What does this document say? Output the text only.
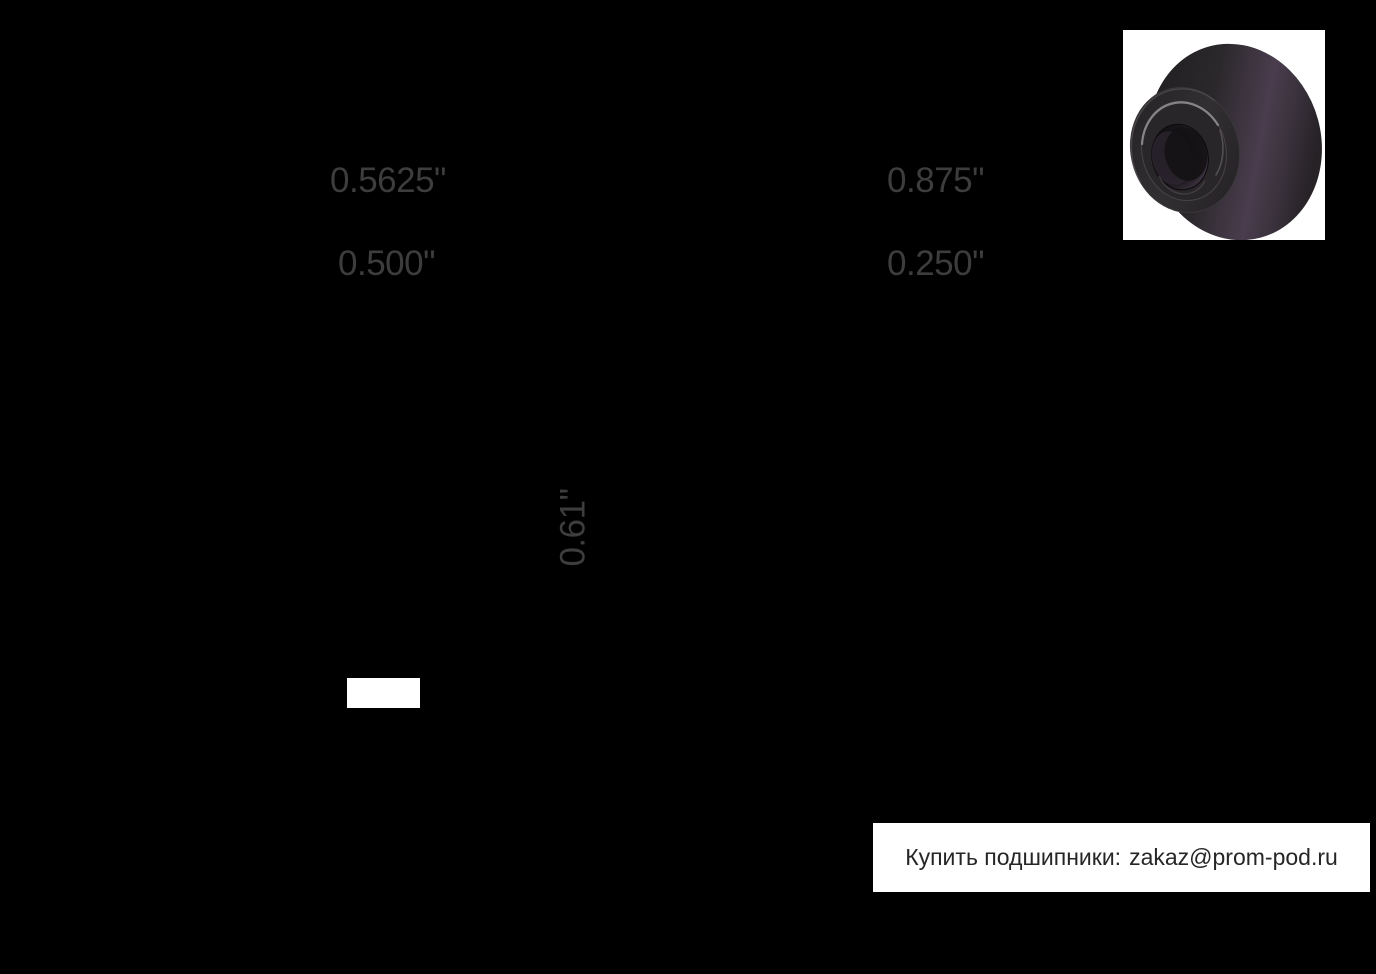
0.5625"	0.875"
0.500"	0.250"
0.61"
Купить подшипники: zakaz@prom-pod.ru
